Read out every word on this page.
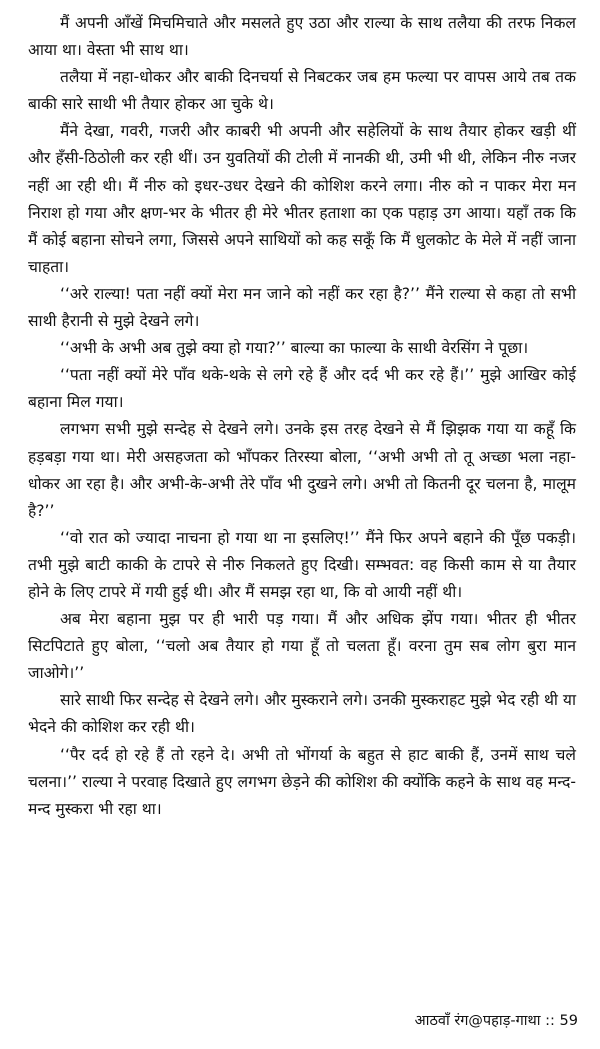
मैं अपनी आँखें मिचमिचाते और मसलते हुए उठा और राल्या के साथ तलैया की तरफ निकल आया था। वेस्ता भी साथ था।

तलैया में नहा-धोकर और बाकी दिनचर्या से निबटकर जब हम फल्या पर वापस आये तब तक बाकी सारे साथी भी तैयार होकर आ चुके थे।

मैंने देखा, गवरी, गजरी और काबरी भी अपनी और सहेलियों के साथ तैयार होकर खड़ी थीं और हँसी-ठिठोली कर रही थीं। उन युवतियों की टोली में नानकी थी, उमी भी थी, लेकिन नीरु नजर नहीं आ रही थी। मैं नीरु को इधर-उधर देखने की कोशिश करने लगा। नीरु को न पाकर मेरा मन निराश हो गया और क्षण-भर के भीतर ही मेरे भीतर हताशा का एक पहाड़ उग आया। यहाँ तक कि मैं कोई बहाना सोचने लगा, जिससे अपने साथियों को कह सकूँ कि मैं धुलकोट के मेले में नहीं जाना चाहता।

‘‘अरे राल्या! पता नहीं क्यों मेरा मन जाने को नहीं कर रहा है?’’ मैंने राल्या से कहा तो सभी साथी हैरानी से मुझे देखने लगे।

‘‘अभी के अभी अब तुझे क्या हो गया?’’ बाल्या का फाल्या के साथी वेरसिंग ने पूछा।

‘‘पता नहीं क्यों मेरे पाँव थके-थके से लगे रहे हैं और दर्द भी कर रहे हैं।’’ मुझे आखिर कोई बहाना मिल गया।

लगभग सभी मुझे सन्देह से देखने लगे। उनके इस तरह देखने से मैं झिझक गया या कहूँ कि हड़बड़ा गया था। मेरी असहजता को भाँपकर तिरस्या बोला, ‘‘अभी अभी तो तू अच्छा भला नहा-धोकर आ रहा है। और अभी-के-अभी तेरे पाँव भी दुखने लगे। अभी तो कितनी दूर चलना है, मालूम है?’’

‘‘वो रात को ज्यादा नाचना हो गया था ना इसलिए!’’ मैंने फिर अपने बहाने की पूँछ पकड़ी। तभी मुझे बाटी काकी के टापरे से नीरु निकलते हुए दिखी। सम्भवत: वह किसी काम से या तैयार होने के लिए टापरे में गयी हुई थी। और मैं समझ रहा था, कि वो आयी नहीं थी।

अब मेरा बहाना मुझ पर ही भारी पड़ गया। मैं और अधिक झेंप गया। भीतर ही भीतर सिटपिटाते हुए बोला, ‘‘चलो अब तैयार हो गया हूँ तो चलता हूँ। वरना तुम सब लोग बुरा मान जाओगे।’’

सारे साथी फिर सन्देह से देखने लगे। और मुस्कराने लगे। उनकी मुस्कराहट मुझे भेद रही थी या भेदने की कोशिश कर रही थी।

‘‘पैर दर्द हो रहे हैं तो रहने दे। अभी तो भोंगर्या के बहुत से हाट बाकी हैं, उनमें साथ चले चलना।’’ राल्या ने परवाह दिखाते हुए लगभग छेड़ने की कोशिश की क्योंकि कहने के साथ वह मन्द-मन्द मुस्करा भी रहा था।

आठवाँ रंग@पहाड़-गाथा :: 59
